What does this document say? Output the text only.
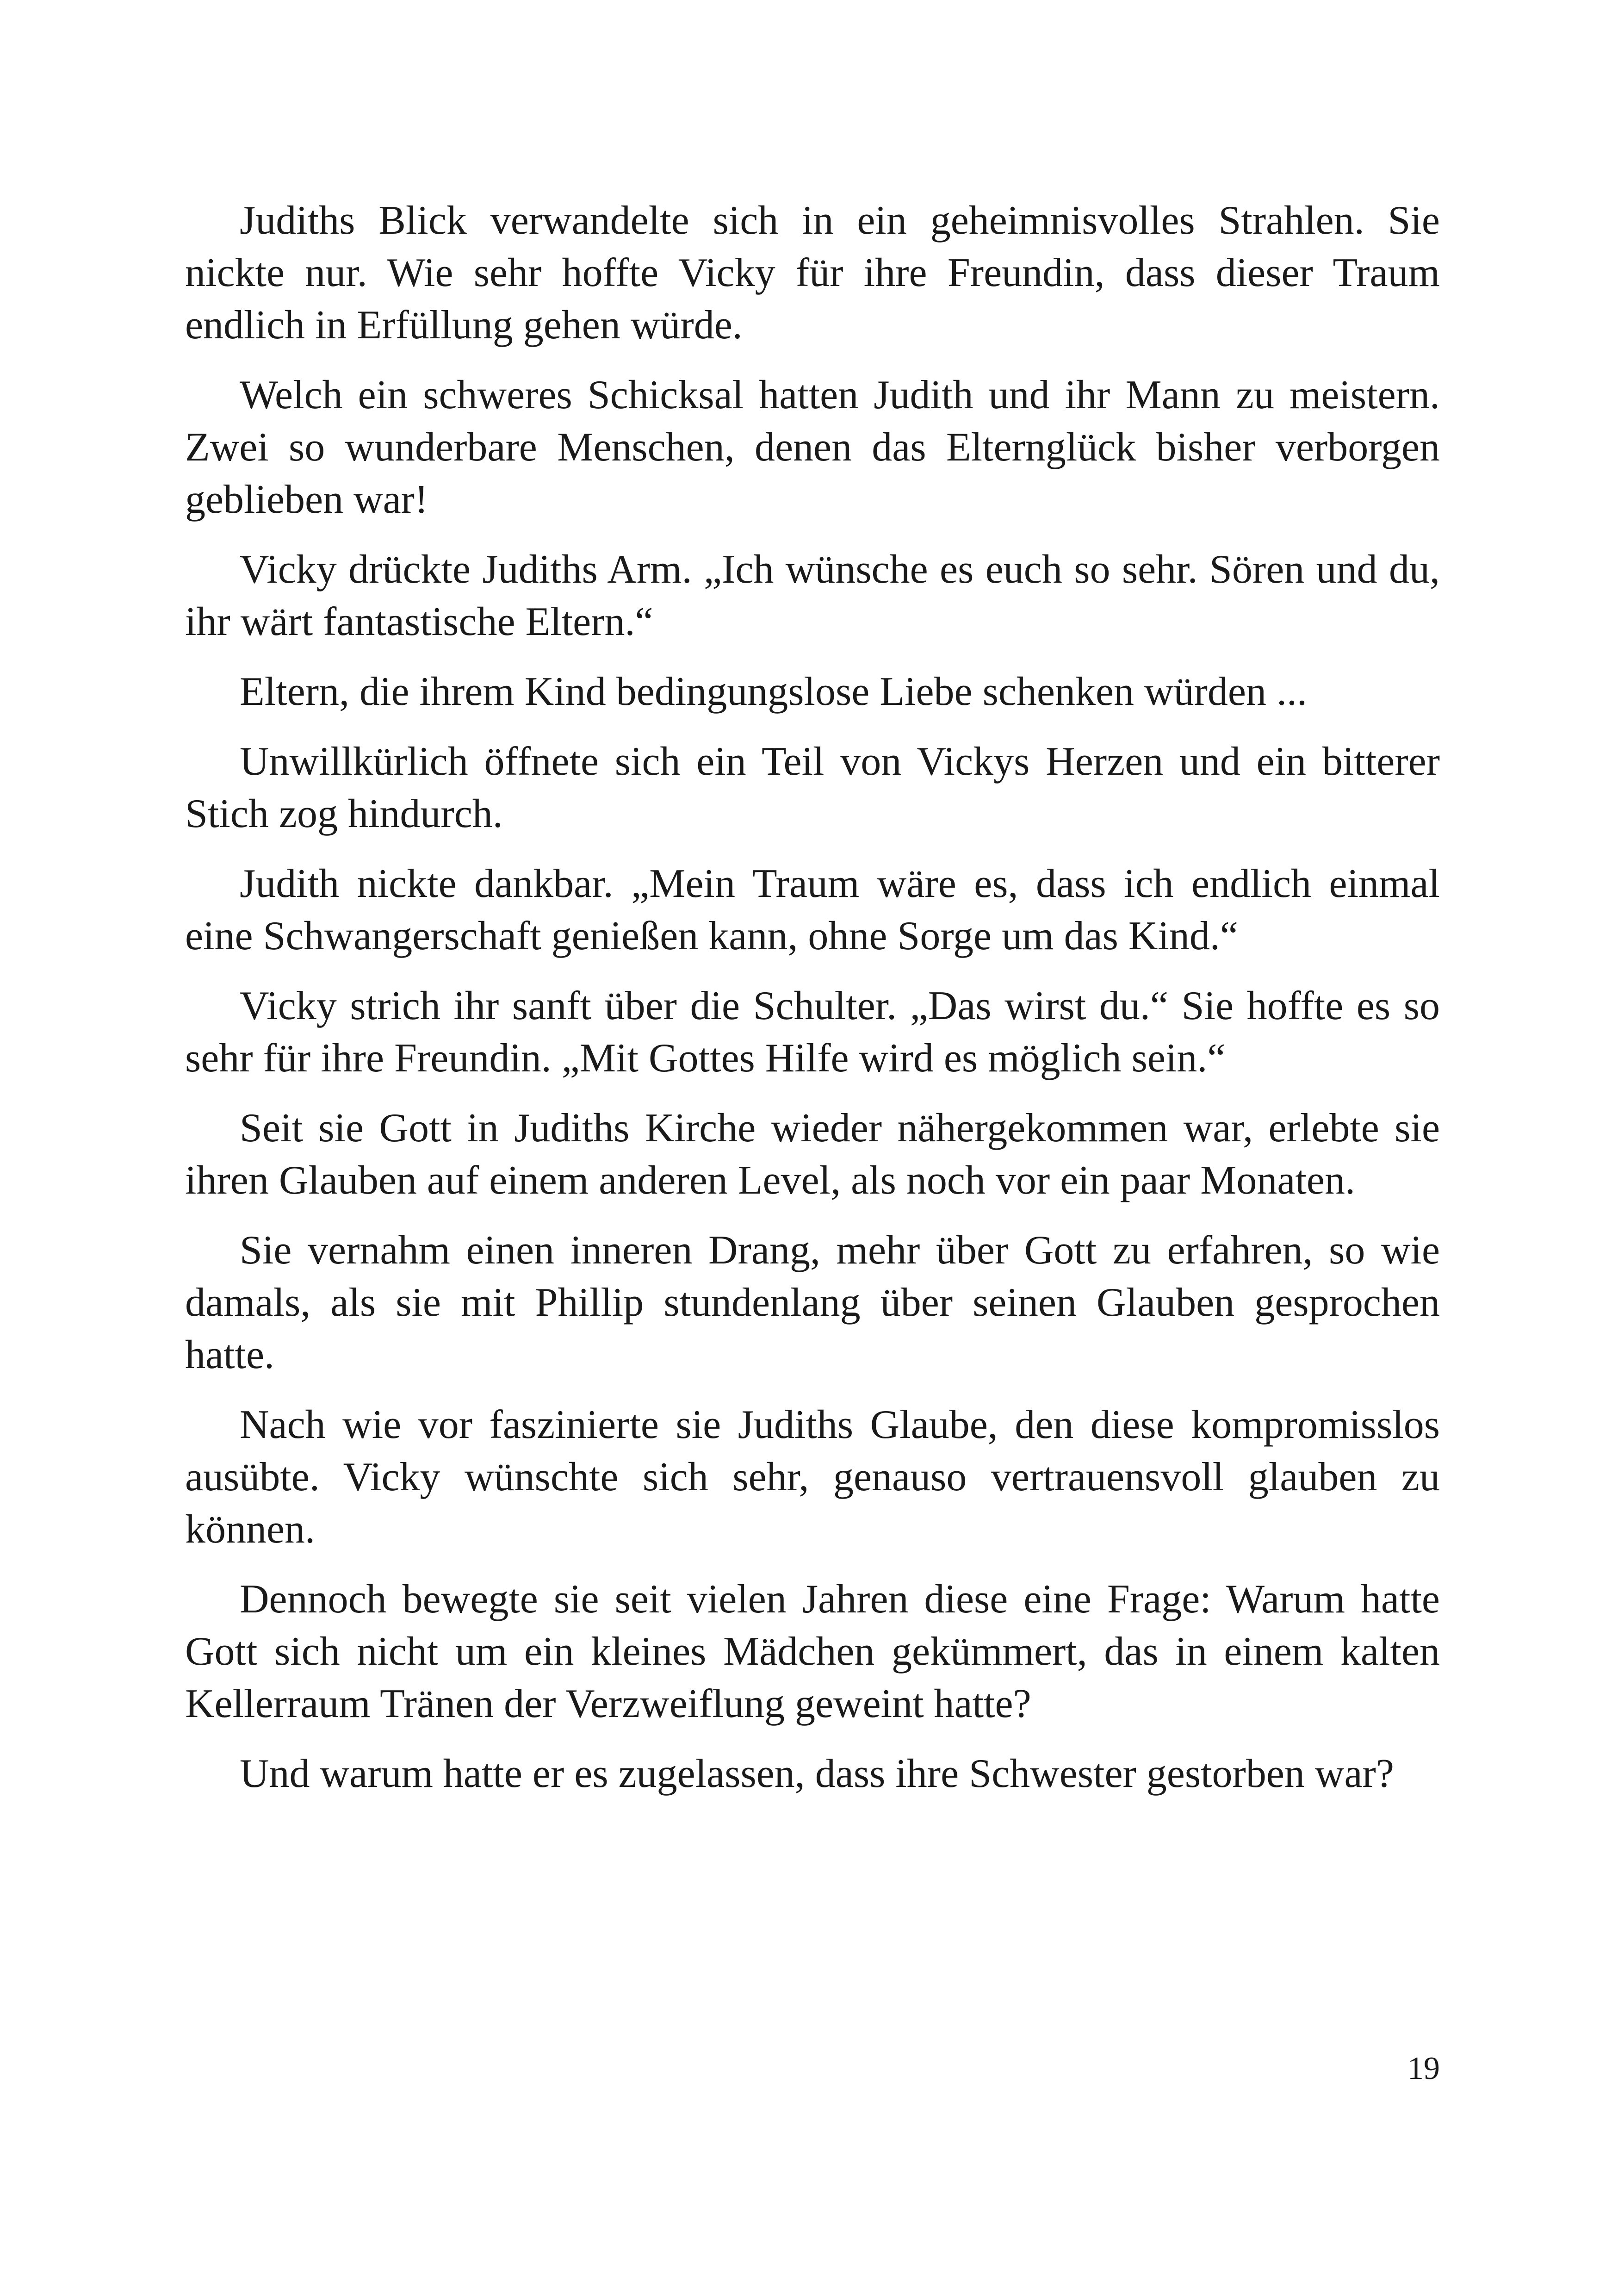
Judiths Blick verwandelte sich in ein geheimnisvolles Strahlen. Sie nickte nur. Wie sehr hoffte Vicky für ihre Freundin, dass dieser Traum endlich in Erfüllung gehen würde.

Welch ein schweres Schicksal hatten Judith und ihr Mann zu meistern. Zwei so wunderbare Menschen, denen das Elternglück bisher verborgen geblieben war!

Vicky drückte Judiths Arm. „Ich wünsche es euch so sehr. Sören und du, ihr wärt fantastische Eltern.“

Eltern, die ihrem Kind bedingungslose Liebe schenken würden ...

Unwillkürlich öffnete sich ein Teil von Vickys Herzen und ein bitterer Stich zog hindurch.

Judith nickte dankbar. „Mein Traum wäre es, dass ich endlich einmal eine Schwangerschaft genießen kann, ohne Sorge um das Kind.“

Vicky strich ihr sanft über die Schulter. „Das wirst du.“ Sie hoffte es so sehr für ihre Freundin. „Mit Gottes Hilfe wird es möglich sein.“

Seit sie Gott in Judiths Kirche wieder nähergekommen war, erlebte sie ihren Glauben auf einem anderen Level, als noch vor ein paar Monaten.

Sie vernahm einen inneren Drang, mehr über Gott zu erfahren, so wie damals, als sie mit Phillip stundenlang über seinen Glauben gesprochen hatte.

Nach wie vor faszinierte sie Judiths Glaube, den diese kompromisslos ausübte. Vicky wünschte sich sehr, genauso vertrauensvoll glauben zu können.

Dennoch bewegte sie seit vielen Jahren diese eine Frage: Warum hatte Gott sich nicht um ein kleines Mädchen gekümmert, das in einem kalten Kellerraum Tränen der Verzweiflung geweint hatte?

Und warum hatte er es zugelassen, dass ihre Schwester gestorben war?

19
